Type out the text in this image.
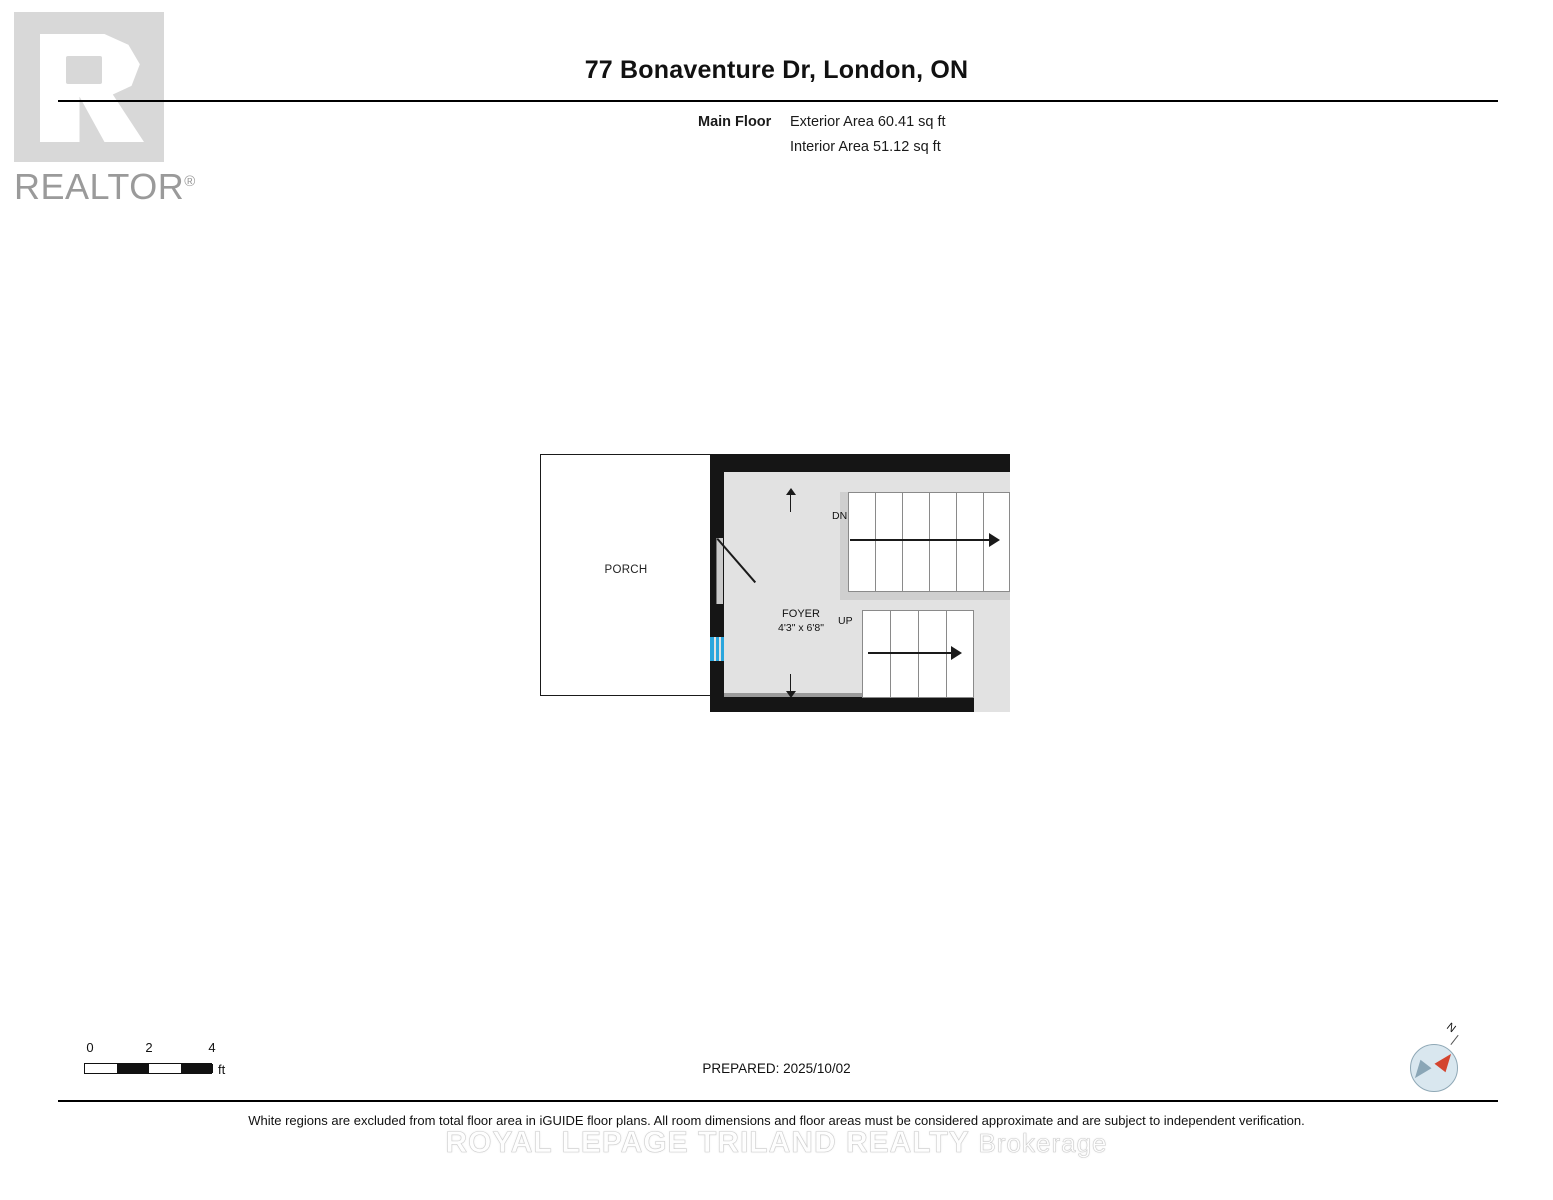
REALTOR®
77 Bonaventure Dr, London, ON
Main Floor Exterior Area 60.41 sq ft
Interior Area 51.12 sq ft
PORCH
DN
UP
FOYER
4'3" x 6'8"
0	2	4
ft	PREPARED: 2025/10/02
N
White regions are excluded from total floor area in iGUIDE floor plans. All room dimensions and floor areas must be considered approximate and are subject to independent verification.
ROYAL LEPAGE TRILAND REALTY Brokerage
